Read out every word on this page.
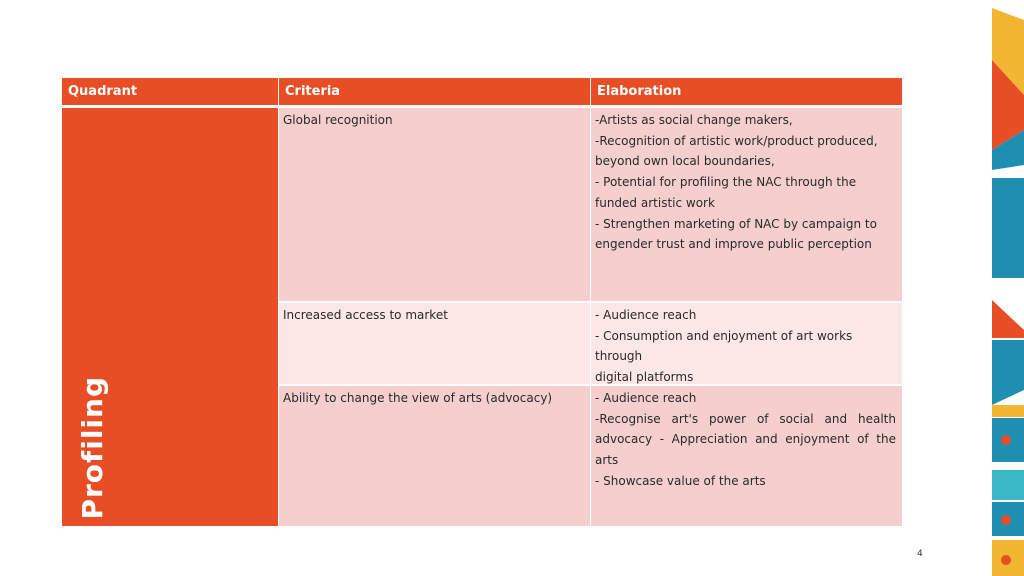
Quadrant	Criteria	Elaboration
Profiling
Global recognition	-Artists as social change makers,
-Recognition of artistic work/product produced,
beyond own local boundaries,
- Potential for profiling the NAC through the
funded artistic work
- Strengthen marketing of NAC by campaign to
engender trust and improve public perception
Increased access to market	- Audience reach
- Consumption and enjoyment of art works through
digital platforms
Ability to change the view of arts (advocacy)	- Audience reach
-Recognise art's power of social and health advocacy - Appreciation and enjoyment of the arts
- Showcase value of the arts
4
